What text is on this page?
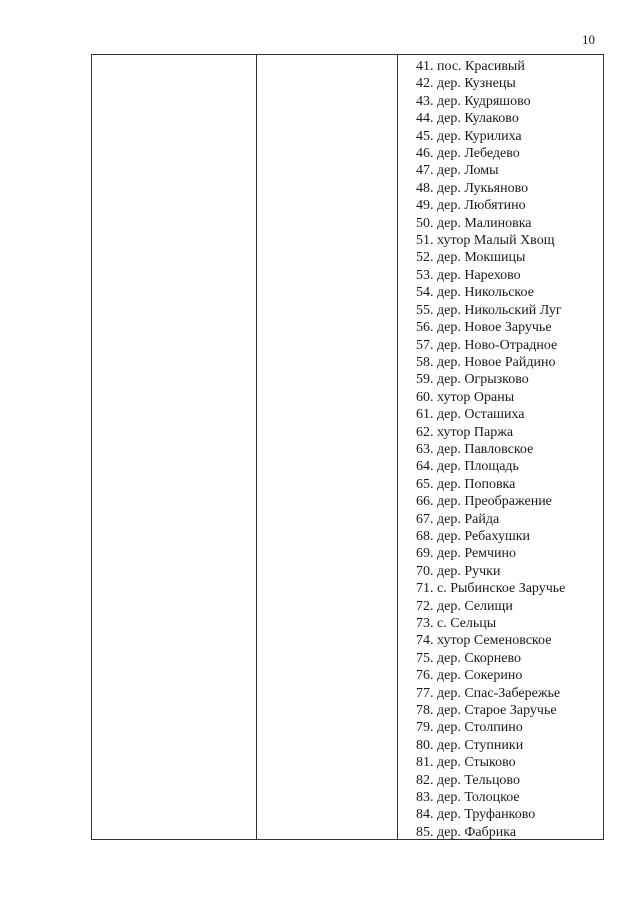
10
41. пос. Красивый
42. дер. Кузнецы
43. дер. Кудряшово
44. дер. Кулаково
45. дер. Курилиха
46. дер. Лебедево
47. дер. Ломы
48. дер. Лукьяново
49. дер. Любятино
50. дер. Малиновка
51. хутор Малый Хвощ
52. дер. Мокшицы
53. дер. Нарехово
54. дер. Никольское
55. дер. Никольский Луг
56. дер. Новое Заручье
57. дер. Ново-Отрадное
58. дер. Новое Райдино
59. дер. Огрызково
60. хутор Ораны
61. дер. Осташиха
62. хутор Паржа
63. дер. Павловское
64. дер. Площадь
65. дер. Поповка
66. дер. Преображение
67. дер. Райда
68. дер. Ребахушки
69. дер. Ремчино
70. дер. Ручки
71. с. Рыбинское Заручье
72. дер. Селищи
73. с. Сельцы
74. хутор Семеновское
75. дер. Скорнево
76. дер. Сокерино
77. дер. Спас-Забережье
78. дер. Старое Заручье
79. дер. Столпино
80. дер. Ступники
81. дер. Стыково
82. дер. Тельцово
83. дер. Толоцкое
84. дер. Труфанково
85. дер. Фабрика
